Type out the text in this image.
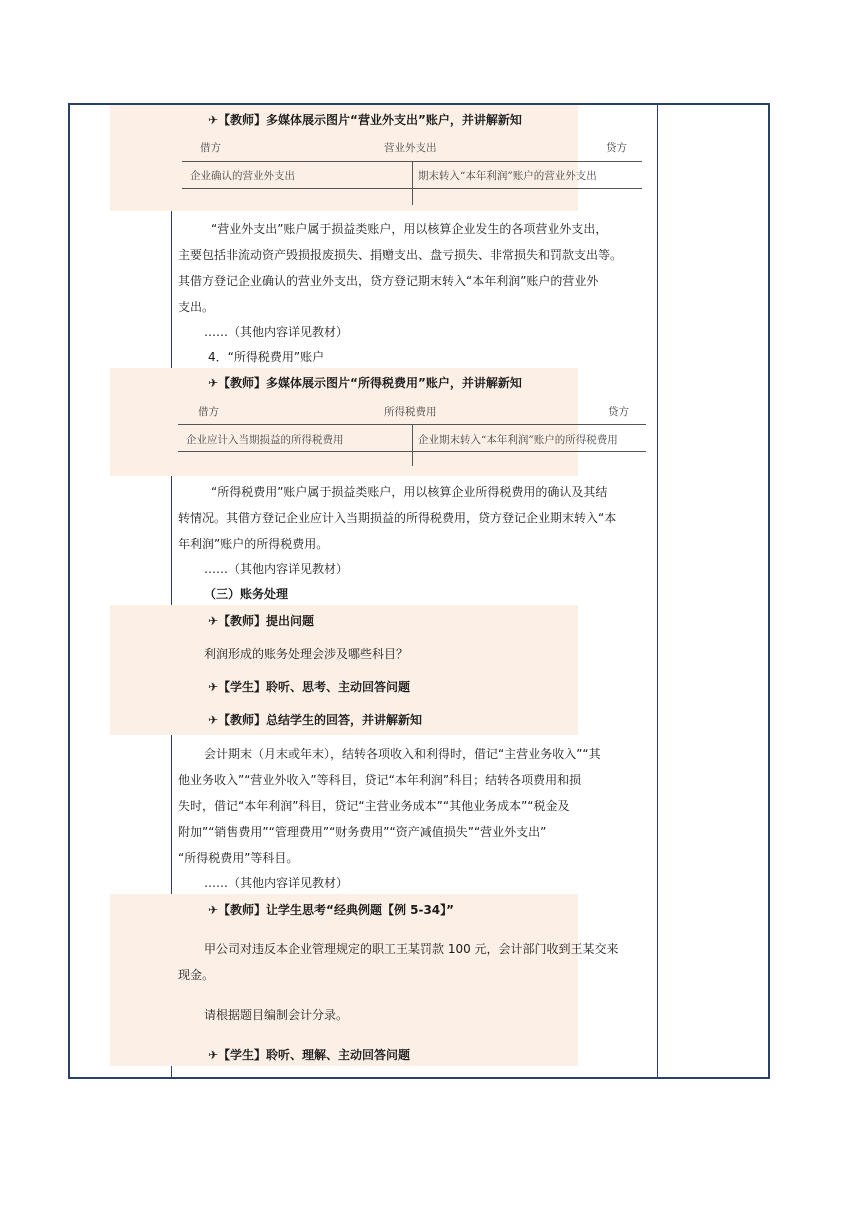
✈【教师】多媒体展示图片“营业外支出”账户，并讲解新知
借方	营业外支出	贷方
企业确认的营业外支出	期末转入“本年利润”账户的营业外支出
“营业外支出”账户属于损益类账户，用以核算企业发生的各项营业外支出，
主要包括非流动资产毁损报废损失、捐赠支出、盘亏损失、非常损失和罚款支出等。
其借方登记企业确认的营业外支出，贷方登记期末转入“本年利润”账户的营业外
支出。
……（其他内容详见教材）
4．“所得税费用”账户
✈【教师】多媒体展示图片“所得税费用”账户，并讲解新知
借方	所得税费用	贷方
企业应计入当期损益的所得税费用	企业期末转入“本年利润”账户的所得税费用
“所得税费用”账户属于损益类账户，用以核算企业所得税费用的确认及其结
转情况。其借方登记企业应计入当期损益的所得税费用，贷方登记企业期末转入“本
年利润”账户的所得税费用。
……（其他内容详见教材）
（三）账务处理
✈【教师】提出问题
利润形成的账务处理会涉及哪些科目？
✈【学生】聆听、思考、主动回答问题
✈【教师】总结学生的回答，并讲解新知
会计期末（月末或年末），结转各项收入和利得时，借记“主营业务收入”“其
他业务收入”“营业外收入”等科目，贷记“本年利润”科目；结转各项费用和损
失时，借记“本年利润”科目，贷记“主营业务成本”“其他业务成本”“税金及
附加”“销售费用”“管理费用”“财务费用”“资产减值损失”“营业外支出”
“所得税费用”等科目。
……（其他内容详见教材）
✈【教师】让学生思考“经典例题【例 5-34】”
甲公司对违反本企业管理规定的职工王某罚款 100 元，会计部门收到王某交来
现金。
请根据题目编制会计分录。
✈【学生】聆听、理解、主动回答问题
